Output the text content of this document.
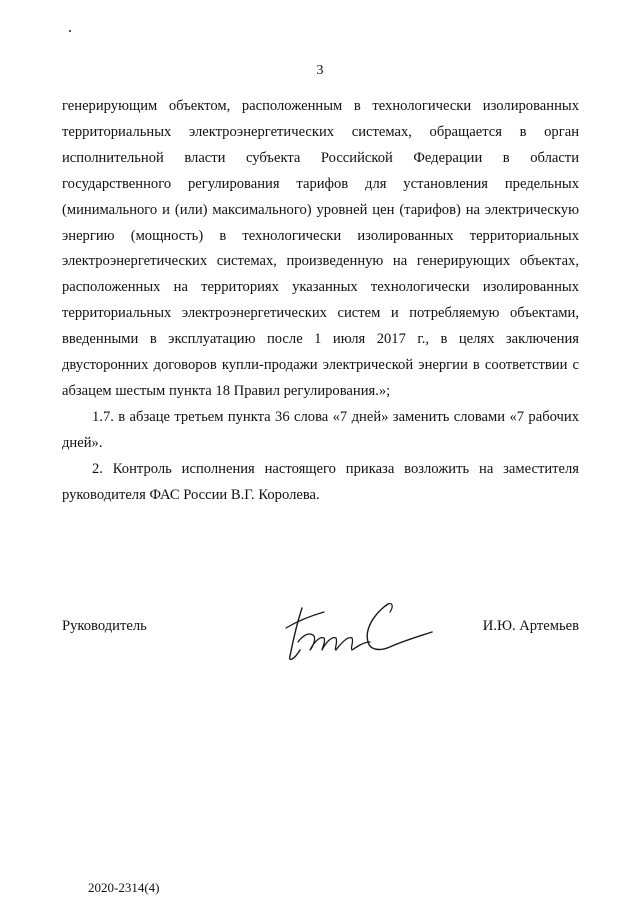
3

генерирующим объектом, расположенным в технологически изолированных территориальных электроэнергетических системах, обращается в орган исполнительной власти субъекта Российской Федерации в области государственного регулирования тарифов для установления предельных (минимального и (или) максимального) уровней цен (тарифов) на электрическую энергию (мощность) в технологически изолированных территориальных электроэнергетических системах, произведенную на генерирующих объектах, расположенных на территориях указанных технологически изолированных территориальных электроэнергетических систем и потребляемую объектами, введенными в эксплуатацию после 1 июля 2017 г., в целях заключения двусторонних договоров купли-продажи электрической энергии в соответствии с абзацем шестым пункта 18 Правил регулирования.»;

1.7. в абзаце третьем пункта 36 слова «7 дней» заменить словами «7 рабочих дней».

2. Контроль исполнения настоящего приказа возложить на заместителя руководителя ФАС России В.Г. Королева.

Руководитель	И.Ю. Артемьев
2020-2314(4)
